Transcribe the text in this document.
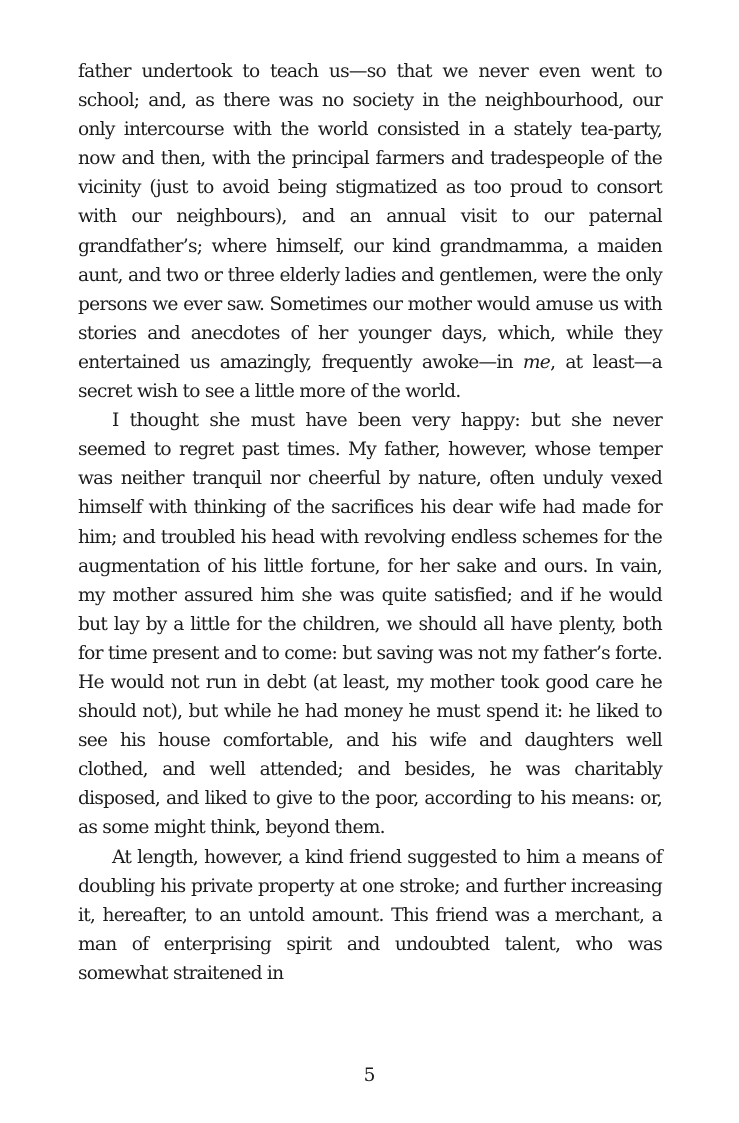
father undertook to teach us—so that we never even went to school; and, as there was no society in the neighbourhood, our only intercourse with the world consisted in a stately tea-party, now and then, with the principal farmers and tradespeople of the vicinity (just to avoid being stigmatized as too proud to consort with our neighbours), and an annual visit to our paternal grandfather’s; where himself, our kind grandmamma, a maiden aunt, and two or three elderly ladies and gentlemen, were the only persons we ever saw. Sometimes our mother would amuse us with stories and anecdotes of her younger days, which, while they entertained us amazingly, frequently awoke—in me, at least—a secret wish to see a little more of the world.

I thought she must have been very happy: but she never seemed to regret past times. My father, however, whose temper was neither tranquil nor cheerful by nature, often unduly vexed himself with thinking of the sacrifices his dear wife had made for him; and troubled his head with revolving endless schemes for the augmentation of his little fortune, for her sake and ours. In vain, my mother assured him she was quite satisfied; and if he would but lay by a little for the children, we should all have plenty, both for time present and to come: but saving was not my father’s forte. He would not run in debt (at least, my mother took good care he should not), but while he had money he must spend it: he liked to see his house comfortable, and his wife and daughters well clothed, and well attended; and besides, he was charitably disposed, and liked to give to the poor, according to his means: or, as some might think, beyond them.

At length, however, a kind friend suggested to him a means of doubling his private property at one stroke; and further increasing it, hereafter, to an untold amount. This friend was a merchant, a man of enterprising spirit and undoubted talent, who was somewhat straitened in

5
